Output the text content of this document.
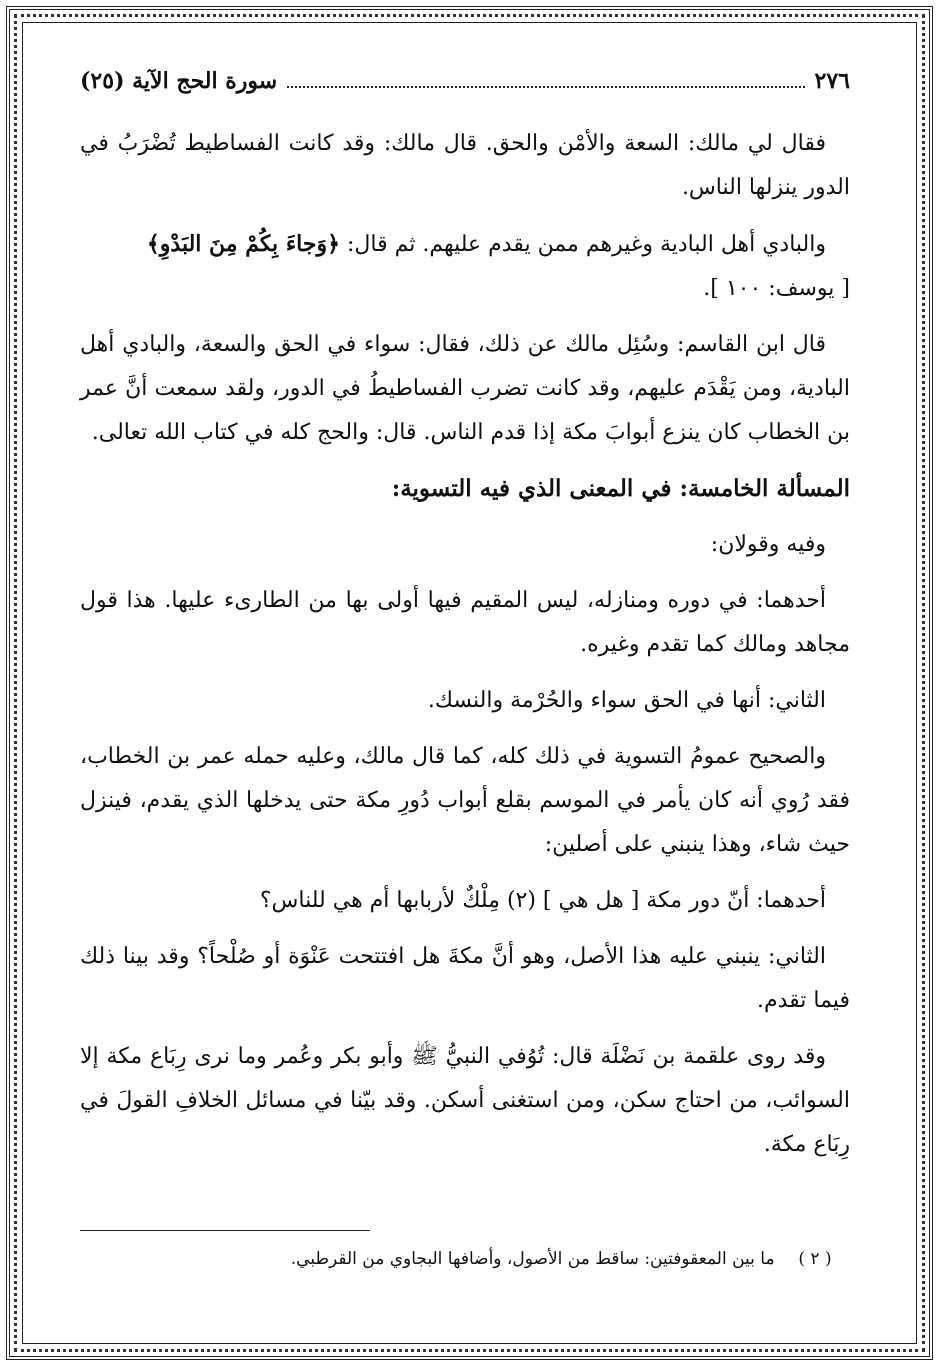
٢٧٦
سورة الحج الآية (٢٥)

فقال لي مالك: السعة والأمْن والحق. قال مالك: وقد كانت الفساطيط تُضْرَبُ في الدور ينزلها الناس.

والبادي أهل البادية وغيرهم ممن يقدم عليهم. ثم قال: ﴿وَجاءَ بِكُمْ مِنَ البَدْوِ﴾
[ يوسف: ١٠٠ ].

قال ابن القاسم: وسُئِل مالك عن ذلك، فقال: سواء في الحق والسعة، والبادي أهل البادية، ومن يَقْدَم عليهم، وقد كانت تضرب الفساطيطُ في الدور، ولقد سمعت أنَّ عمر بن الخطاب كان ينزع أبوابَ مكة إذا قدم الناس. قال: والحج كله في كتاب الله تعالى.

المسألة الخامسة: في المعنى الذي فيه التسوية:

وفيه وقولان:

أحدهما: في دوره ومنازله، ليس المقيم فيها أولى بها من الطارىء عليها. هذا قول مجاهد ومالك كما تقدم وغيره.

الثاني: أنها في الحق سواء والحُرْمة والنسك.

والصحيح عمومُ التسوية في ذلك كله، كما قال مالك، وعليه حمله عمر بن الخطاب، فقد رُوي أنه كان يأمر في الموسم بقلع أبواب دُورِ مكة حتى يدخلها الذي يقدم، فينزل حيث شاء، وهذا ينبني على أصلين:

أحدهما: أنّ دور مكة [ هل هي ] (٢) مِلْكٌ لأربابها أم هي للناس؟

الثاني: ينبني عليه هذا الأصل، وهو أنَّ مكةَ هل افتتحت عَنْوَة أو صُلْحاً؟ وقد بينا ذلك فيما تقدم.

وقد روى علقمة بن نَضْلَة قال: تُوُفي النبيُّ ﷺ وأبو بكر وعُمر وما نرى رِبَاع مكة إلا السوائب، من احتاج سكن، ومن استغنى أسكن. وقد بيّنا في مسائل الخلافِ القولَ في رِبَاع مكة.

( ٢ ) ما بين المعقوفتين: ساقط من الأصول، وأضافها البجاوي من القرطبي.
